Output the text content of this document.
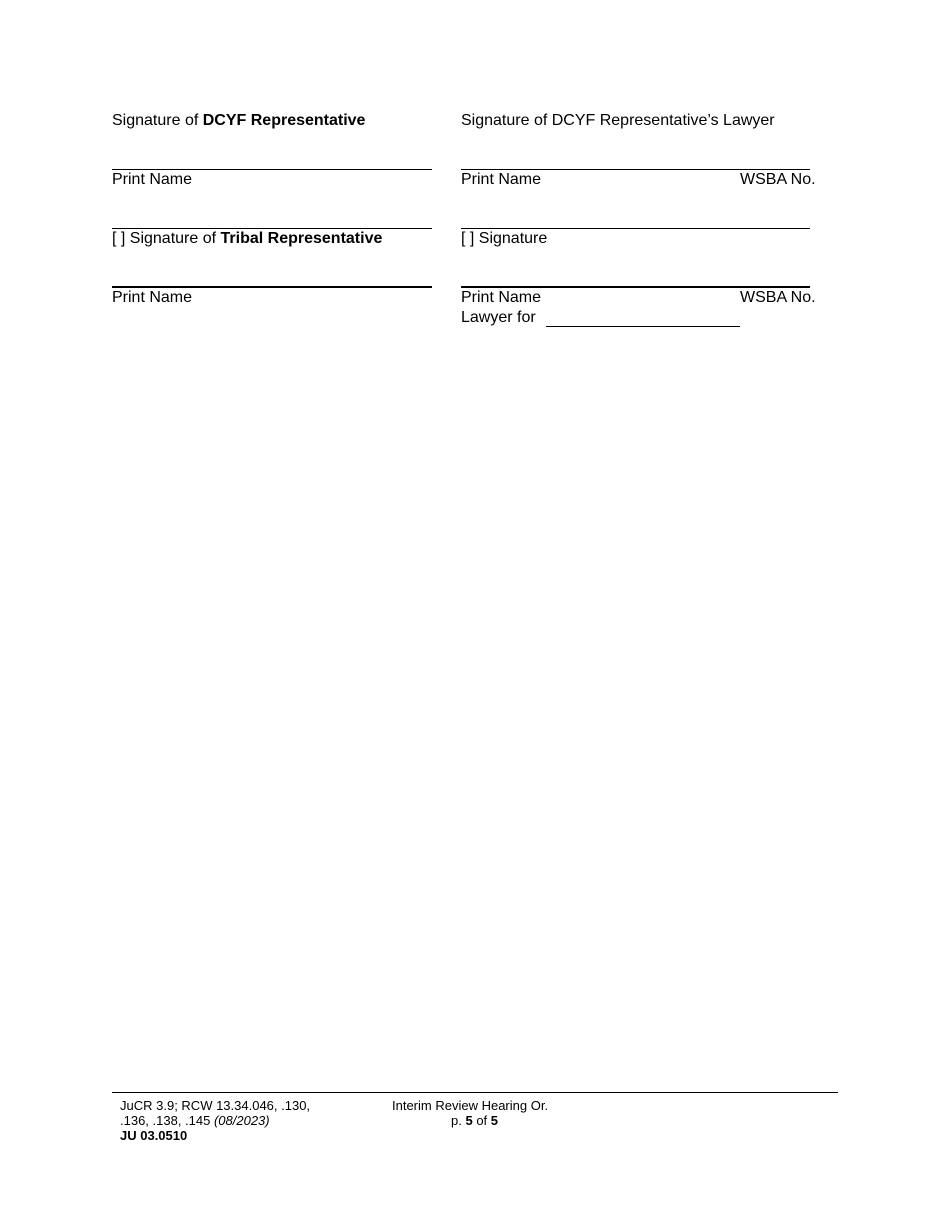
Signature of DCYF Representative
Print Name
[ ] Signature of Tribal Representative
Print Name
Signature of DCYF Representative’s Lawyer
Print Name	WSBA No.
[ ] Signature
Print Name	WSBA No.
Lawyer for
JuCR 3.9; RCW 13.34.046, .130,
.136, .138, .145 (08/2023)
JU 03.0510
Interim Review Hearing Or.
p. 5 of 5
